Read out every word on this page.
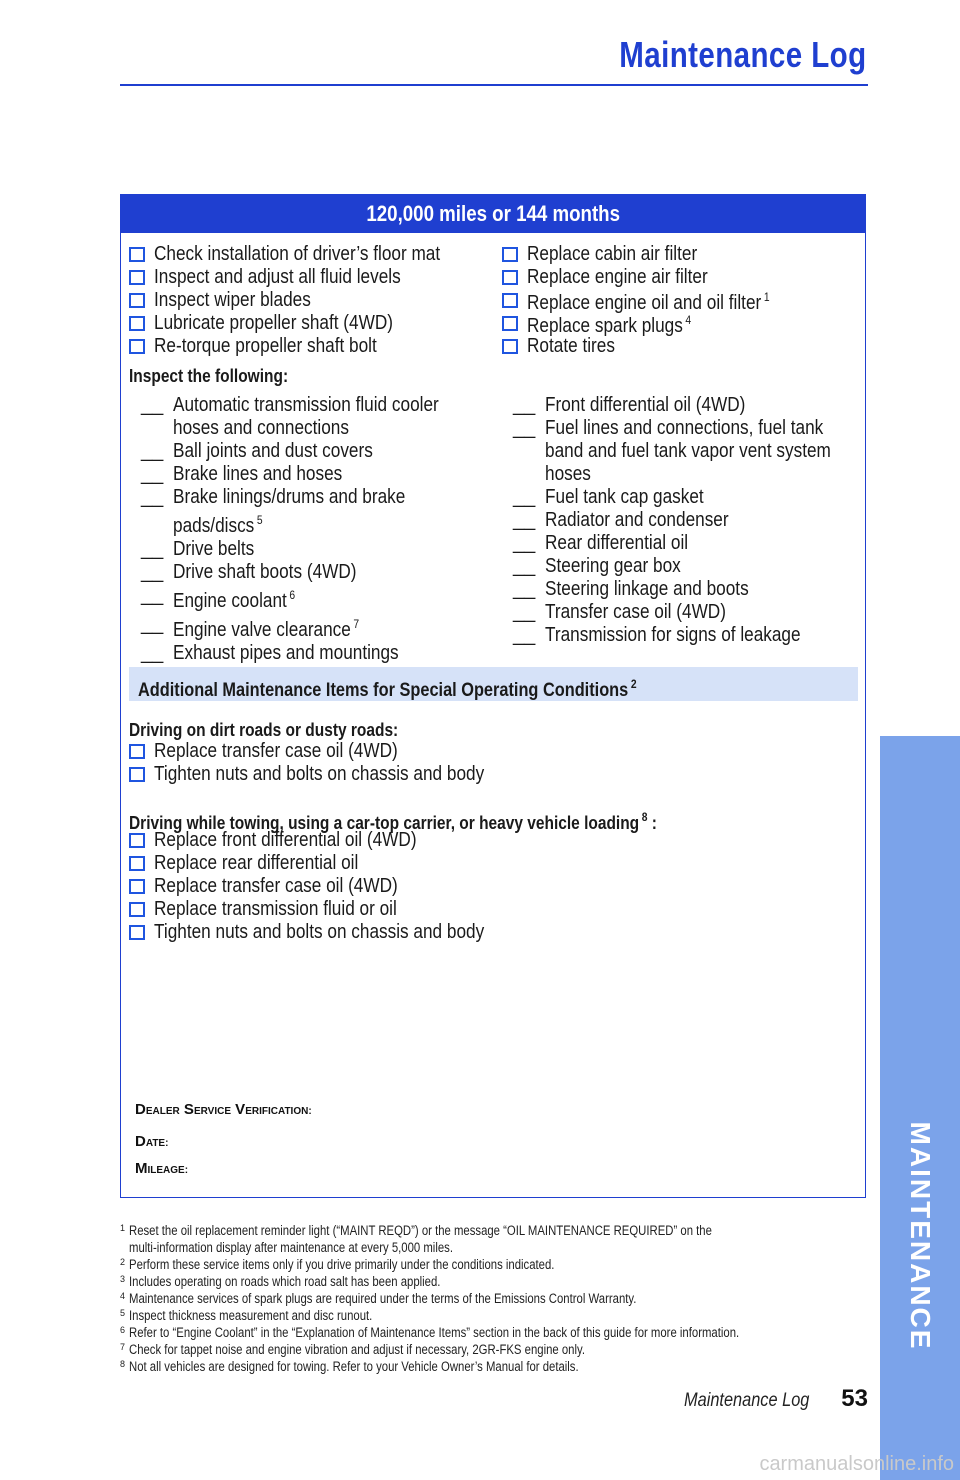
Maintenance Log
MAINTENANCE
120,000 miles or 144 months
Check installation of driver’s floor mat
Inspect and adjust all fluid levels
Inspect wiper blades
Lubricate propeller shaft (4WD)
Re-torque propeller shaft bolt
Replace cabin air filter
Replace engine air filter
Replace engine oil and oil filter $^1$
Replace spark plugs $^4$
Rotate tires
Inspect the following:
__ Automatic transmission fluid cooler hoses and connections
__ Ball joints and dust covers
__ Brake lines and hoses
__ Brake linings/drums and brake pads/discs $^5$
__ Drive belts
__ Drive shaft boots (4WD)
__ Engine coolant $^6$
__ Engine valve clearance $^7$
__ Exhaust pipes and mountings
__ Front differential oil (4WD)
__ Fuel lines and connections, fuel tank band and fuel tank vapor vent system hoses
__ Fuel tank cap gasket
__ Radiator and condenser
__ Rear differential oil
__ Steering gear box
__ Steering linkage and boots
__ Transfer case oil (4WD)
__ Transmission for signs of leakage
Additional Maintenance Items for Special Operating Conditions $^2$
Driving on dirt roads or dusty roads:
Replace transfer case oil (4WD)
Tighten nuts and bolts on chassis and body
Driving while towing, using a car-top carrier, or heavy vehicle loading $^8$ :
Replace front differential oil (4WD)
Replace rear differential oil
Replace transfer case oil (4WD)
Replace transmission fluid or oil
Tighten nuts and bolts on chassis and body
DEALER SERVICE VERIFICATION:
DATE:
MILEAGE:
1 Reset the oil replacement reminder light (“MAINT REQD”) or the message “OIL MAINTENANCE REQUIRED” on the
multi-information display after maintenance at every 5,000 miles.
2 Perform these service items only if you drive primarily under the conditions indicated.
3 Includes operating on roads which road salt has been applied.
4 Maintenance services of spark plugs are required under the terms of the Emissions Control Warranty.
5 Inspect thickness measurement and disc runout.
6 Refer to “Engine Coolant” in the “Explanation of Maintenance Items” section in the back of this guide for more information.
7 Check for tappet noise and engine vibration and adjust if necessary, 2GR-FKS engine only.
8 Not all vehicles are designed for towing. Refer to your Vehicle Owner’s Manual for details.
Maintenance Log	53
carmanualsonline.info
